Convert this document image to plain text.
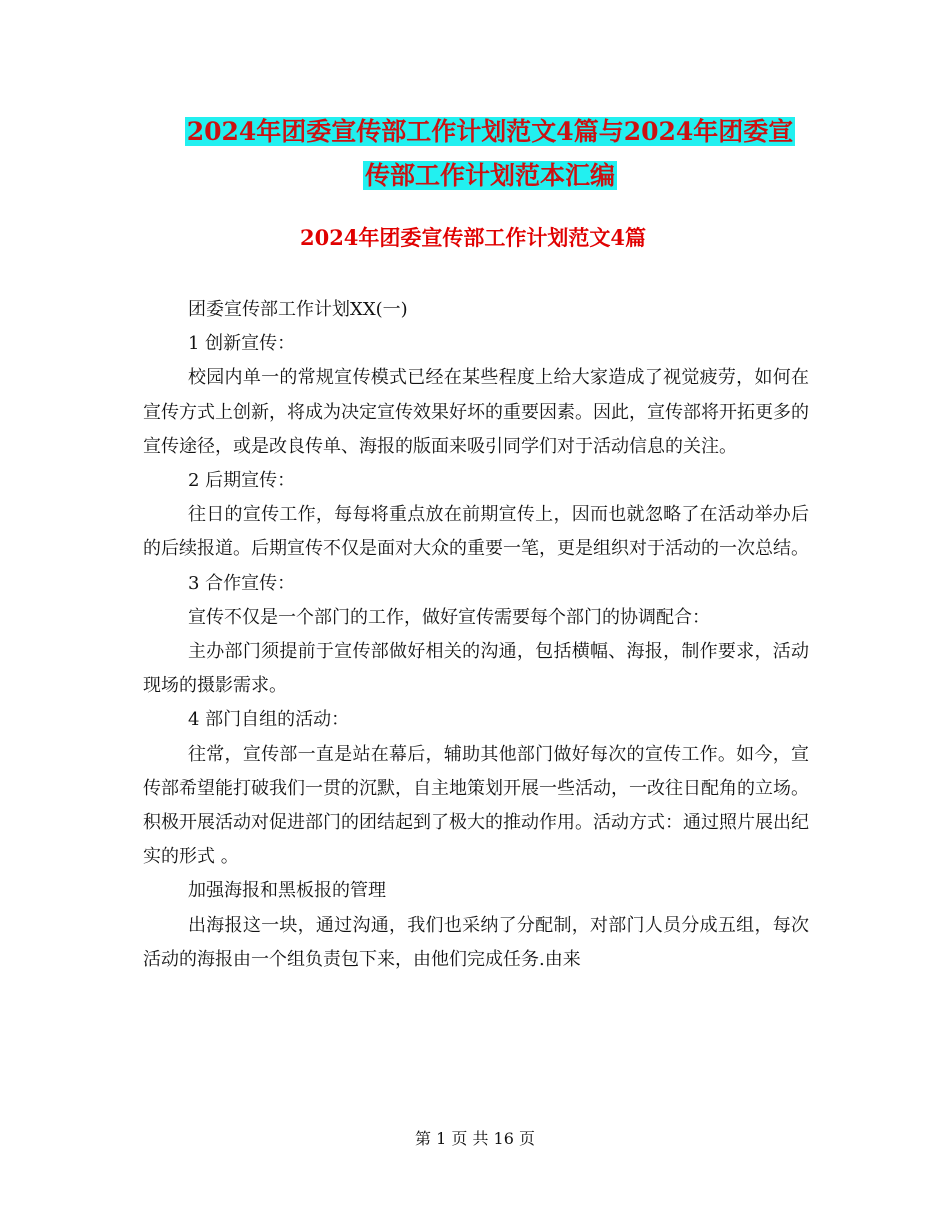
2024年团委宣传部工作计划范文4篇与2024年团委宣
传部工作计划范本汇编
2024年团委宣传部工作计划范文4篇

团委宣传部工作计划XX(一)

1 创新宣传：

校园内单一的常规宣传模式已经在某些程度上给大家造成了视觉疲劳，如何在宣传方式上创新，将成为决定宣传效果好坏的重要因素。因此，宣传部将开拓更多的宣传途径，或是改良传单、海报的版面来吸引同学们对于活动信息的关注。

2 后期宣传：

往日的宣传工作，每每将重点放在前期宣传上，因而也就忽略了在活动举办后的后续报道。后期宣传不仅是面对大众的重要一笔，更是组织对于活动的一次总结。

3 合作宣传：

宣传不仅是一个部门的工作，做好宣传需要每个部门的协调配合：

主办部门须提前于宣传部做好相关的沟通，包括横幅、海报，制作要求，活动现场的摄影需求。

4 部门自组的活动：

往常，宣传部一直是站在幕后，辅助其他部门做好每次的宣传工作。如今，宣传部希望能打破我们一贯的沉默，自主地策划开展一些活动，一改往日配角的立场。积极开展活动对促进部门的团结起到了极大的推动作用。活动方式：通过照片展出纪实的形式 。

加强海报和黑板报的管理

出海报这一块，通过沟通，我们也采纳了分配制，对部门人员分成五组，每次活动的海报由一个组负责包下来，由他们完成任务.由来

第 1 页 共 16 页
